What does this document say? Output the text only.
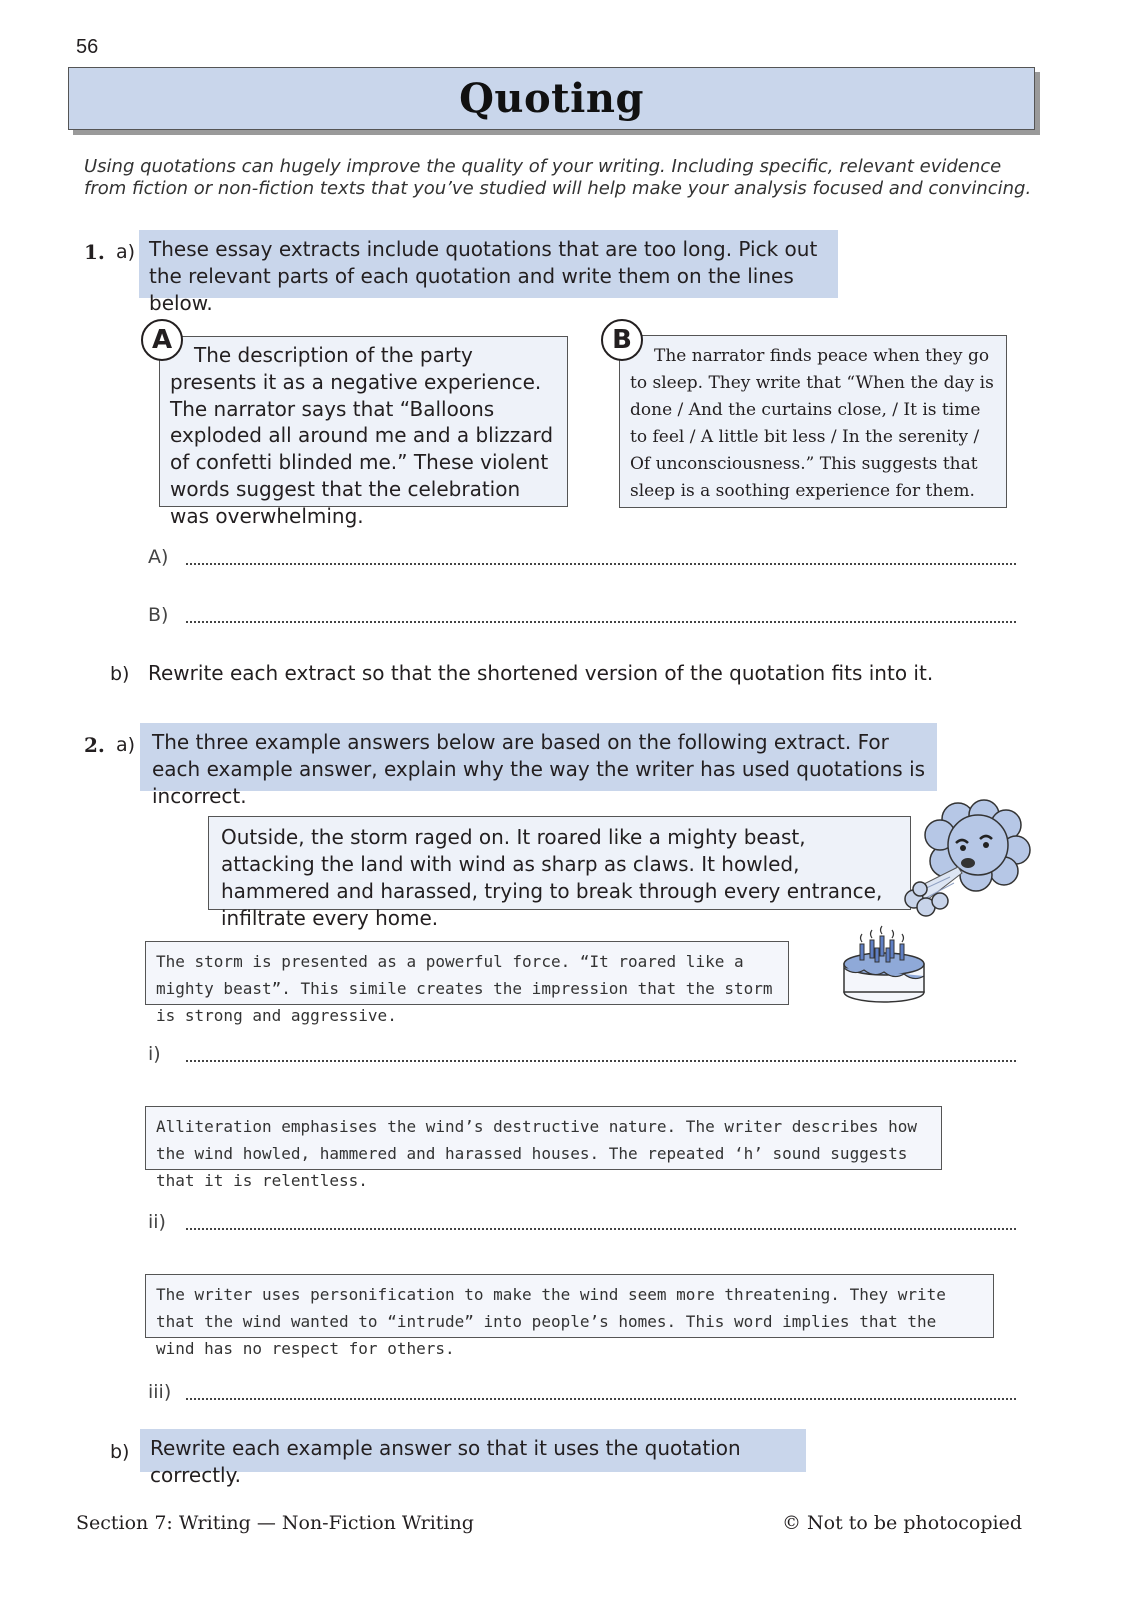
56
Quoting
Using quotations can hugely improve the quality of your writing. Including specific, relevant evidence from fiction or non-fiction texts that you’ve studied will help make your analysis focused and convincing.
1. a) These essay extracts include quotations that are too long. Pick out the relevant parts of each quotation and write them on the lines below.
The description of the party presents it as a negative experience. The narrator says that “Balloons exploded all around me and a blizzard of confetti blinded me.” These violent words suggest that the celebration was overwhelming.
A
The narrator finds peace when they go to sleep. They write that “When the day is done / And the curtains close, / It is time to feel / A little bit less / In the serenity / Of unconsciousness.” This suggests that sleep is a soothing experience for them.
B
A)
B)
b) Rewrite each extract so that the shortened version of the quotation fits into it.
2. a) The three example answers below are based on the following extract. For each example answer, explain why the way the writer has used quotations is incorrect.
Outside, the storm raged on. It roared like a mighty beast, attacking the land with wind as sharp as claws. It howled, hammered and harassed, trying to break through every entrance, infiltrate every home.
The storm is presented as a powerful force. “It roared like a mighty beast”. This simile creates the impression that the storm is strong and aggressive.
i)
Alliteration emphasises the wind’s destructive nature. The writer describes how the wind howled, hammered and harassed houses. The repeated ‘h’ sound suggests that it is relentless.
ii)
The writer uses personification to make the wind seem more threatening. They write that the wind wanted to “intrude” into people’s homes. This word implies that the wind has no respect for others.
iii)
b)	Rewrite each example answer so that it uses the quotation correctly.
Section 7: Writing — Non-Fiction Writing	© Not to be photocopied
